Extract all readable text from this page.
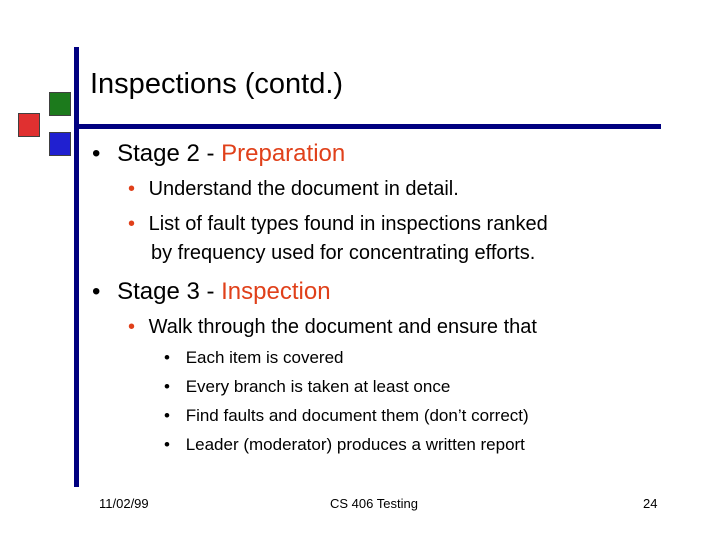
Inspections (contd.)
• Stage 2 - Preparation
• Understand the document in detail.
• List of fault types found in inspections ranked
by frequency used for concentrating efforts.
• Stage 3 - Inspection
• Walk through the document and ensure that
• Each item is covered
• Every branch is taken at least once
• Find faults and document them (don’t correct)
• Leader (moderator) produces a written report
11/02/99	CS 406 Testing	24
